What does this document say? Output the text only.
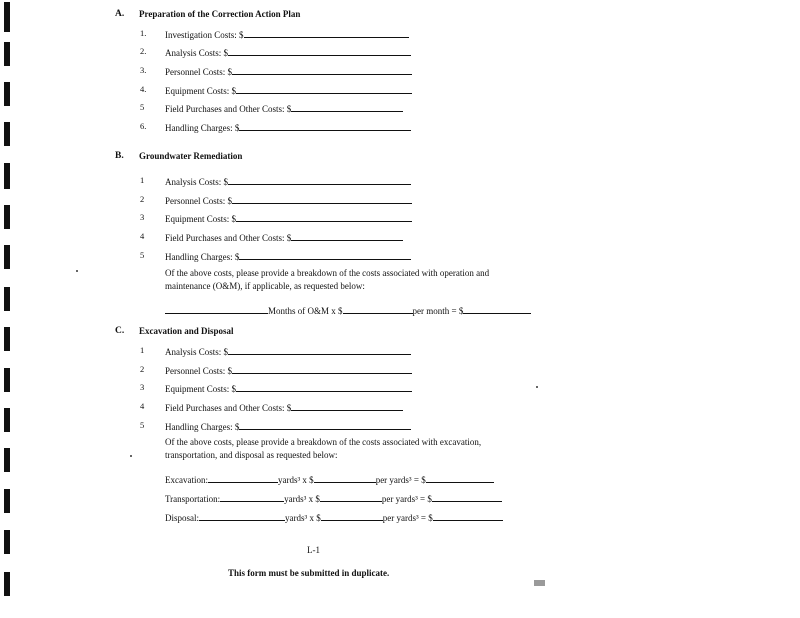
A. Preparation of the Correction Action Plan
1. Investigation Costs: $
2. Analysis Costs: $
3. Personnel Costs: $
4. Equipment Costs: $
5 Field Purchases and Other Costs: $
6. Handling Charges: $
B. Groundwater Remediation
1 Analysis Costs: $
2 Personnel Costs: $
3 Equipment Costs: $
4 Field Purchases and Other Costs: $
5 Handling Charges: $
Of the above costs, please provide a breakdown of the costs associated with operation and maintenance (O&M), if applicable, as requested below:
Months of O&M x $	per month = $
C. Excavation and Disposal
1 Analysis Costs: $
2 Personnel Costs: $
3 Equipment Costs: $
4 Field Purchases and Other Costs: $
5 Handling Charges: $
Of the above costs, please provide a breakdown of the costs associated with excavation, transportation, and disposal as requested below:
Excavation:	yards³ x $	per yards³ = $
Transportation:	yards³ x $	per yards³ = $
Disposal:	yards³ x $	per yards³ = $
L-1
This form must be submitted in duplicate.
